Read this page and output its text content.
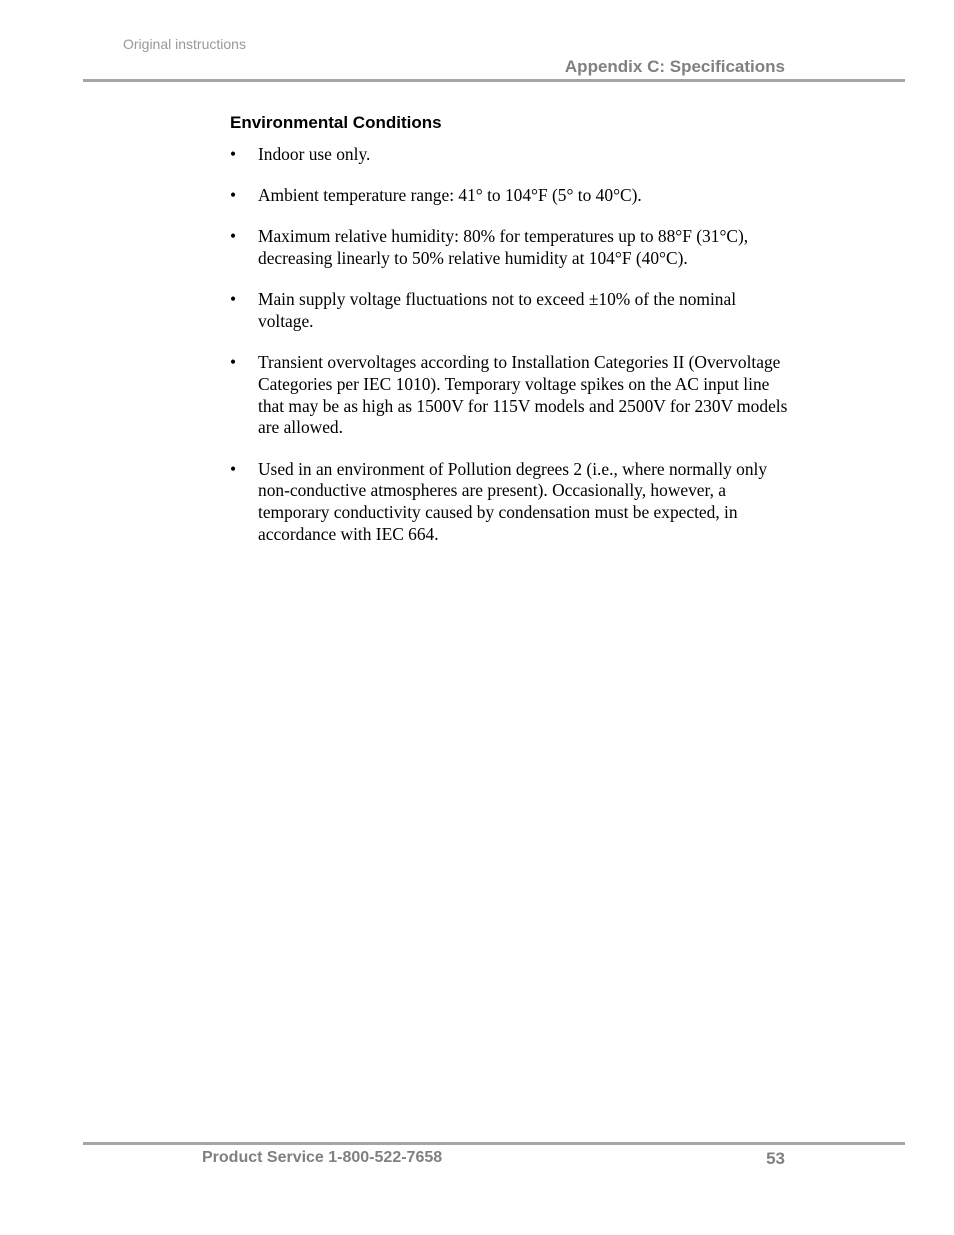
Original instructions
Appendix C: Specifications
Environmental Conditions
• Indoor use only.
• Ambient temperature range: 41° to 104°F (5° to 40°C).
• Maximum relative humidity: 80% for temperatures up to 88°F (31°C), decreasing linearly to 50% relative humidity at 104°F (40°C).
• Main supply voltage fluctuations not to exceed ±10% of the nominal voltage.
• Transient overvoltages according to Installation Categories II (Overvoltage Categories per IEC 1010). Temporary voltage spikes on the AC input line that may be as high as 1500V for 115V models and 2500V for 230V models are allowed.
• Used in an environment of Pollution degrees 2 (i.e., where normally only non-conductive atmospheres are present). Occasionally, however, a temporary conductivity caused by condensation must be expected, in accordance with IEC 664.
Product Service 1-800-522-7658	53
